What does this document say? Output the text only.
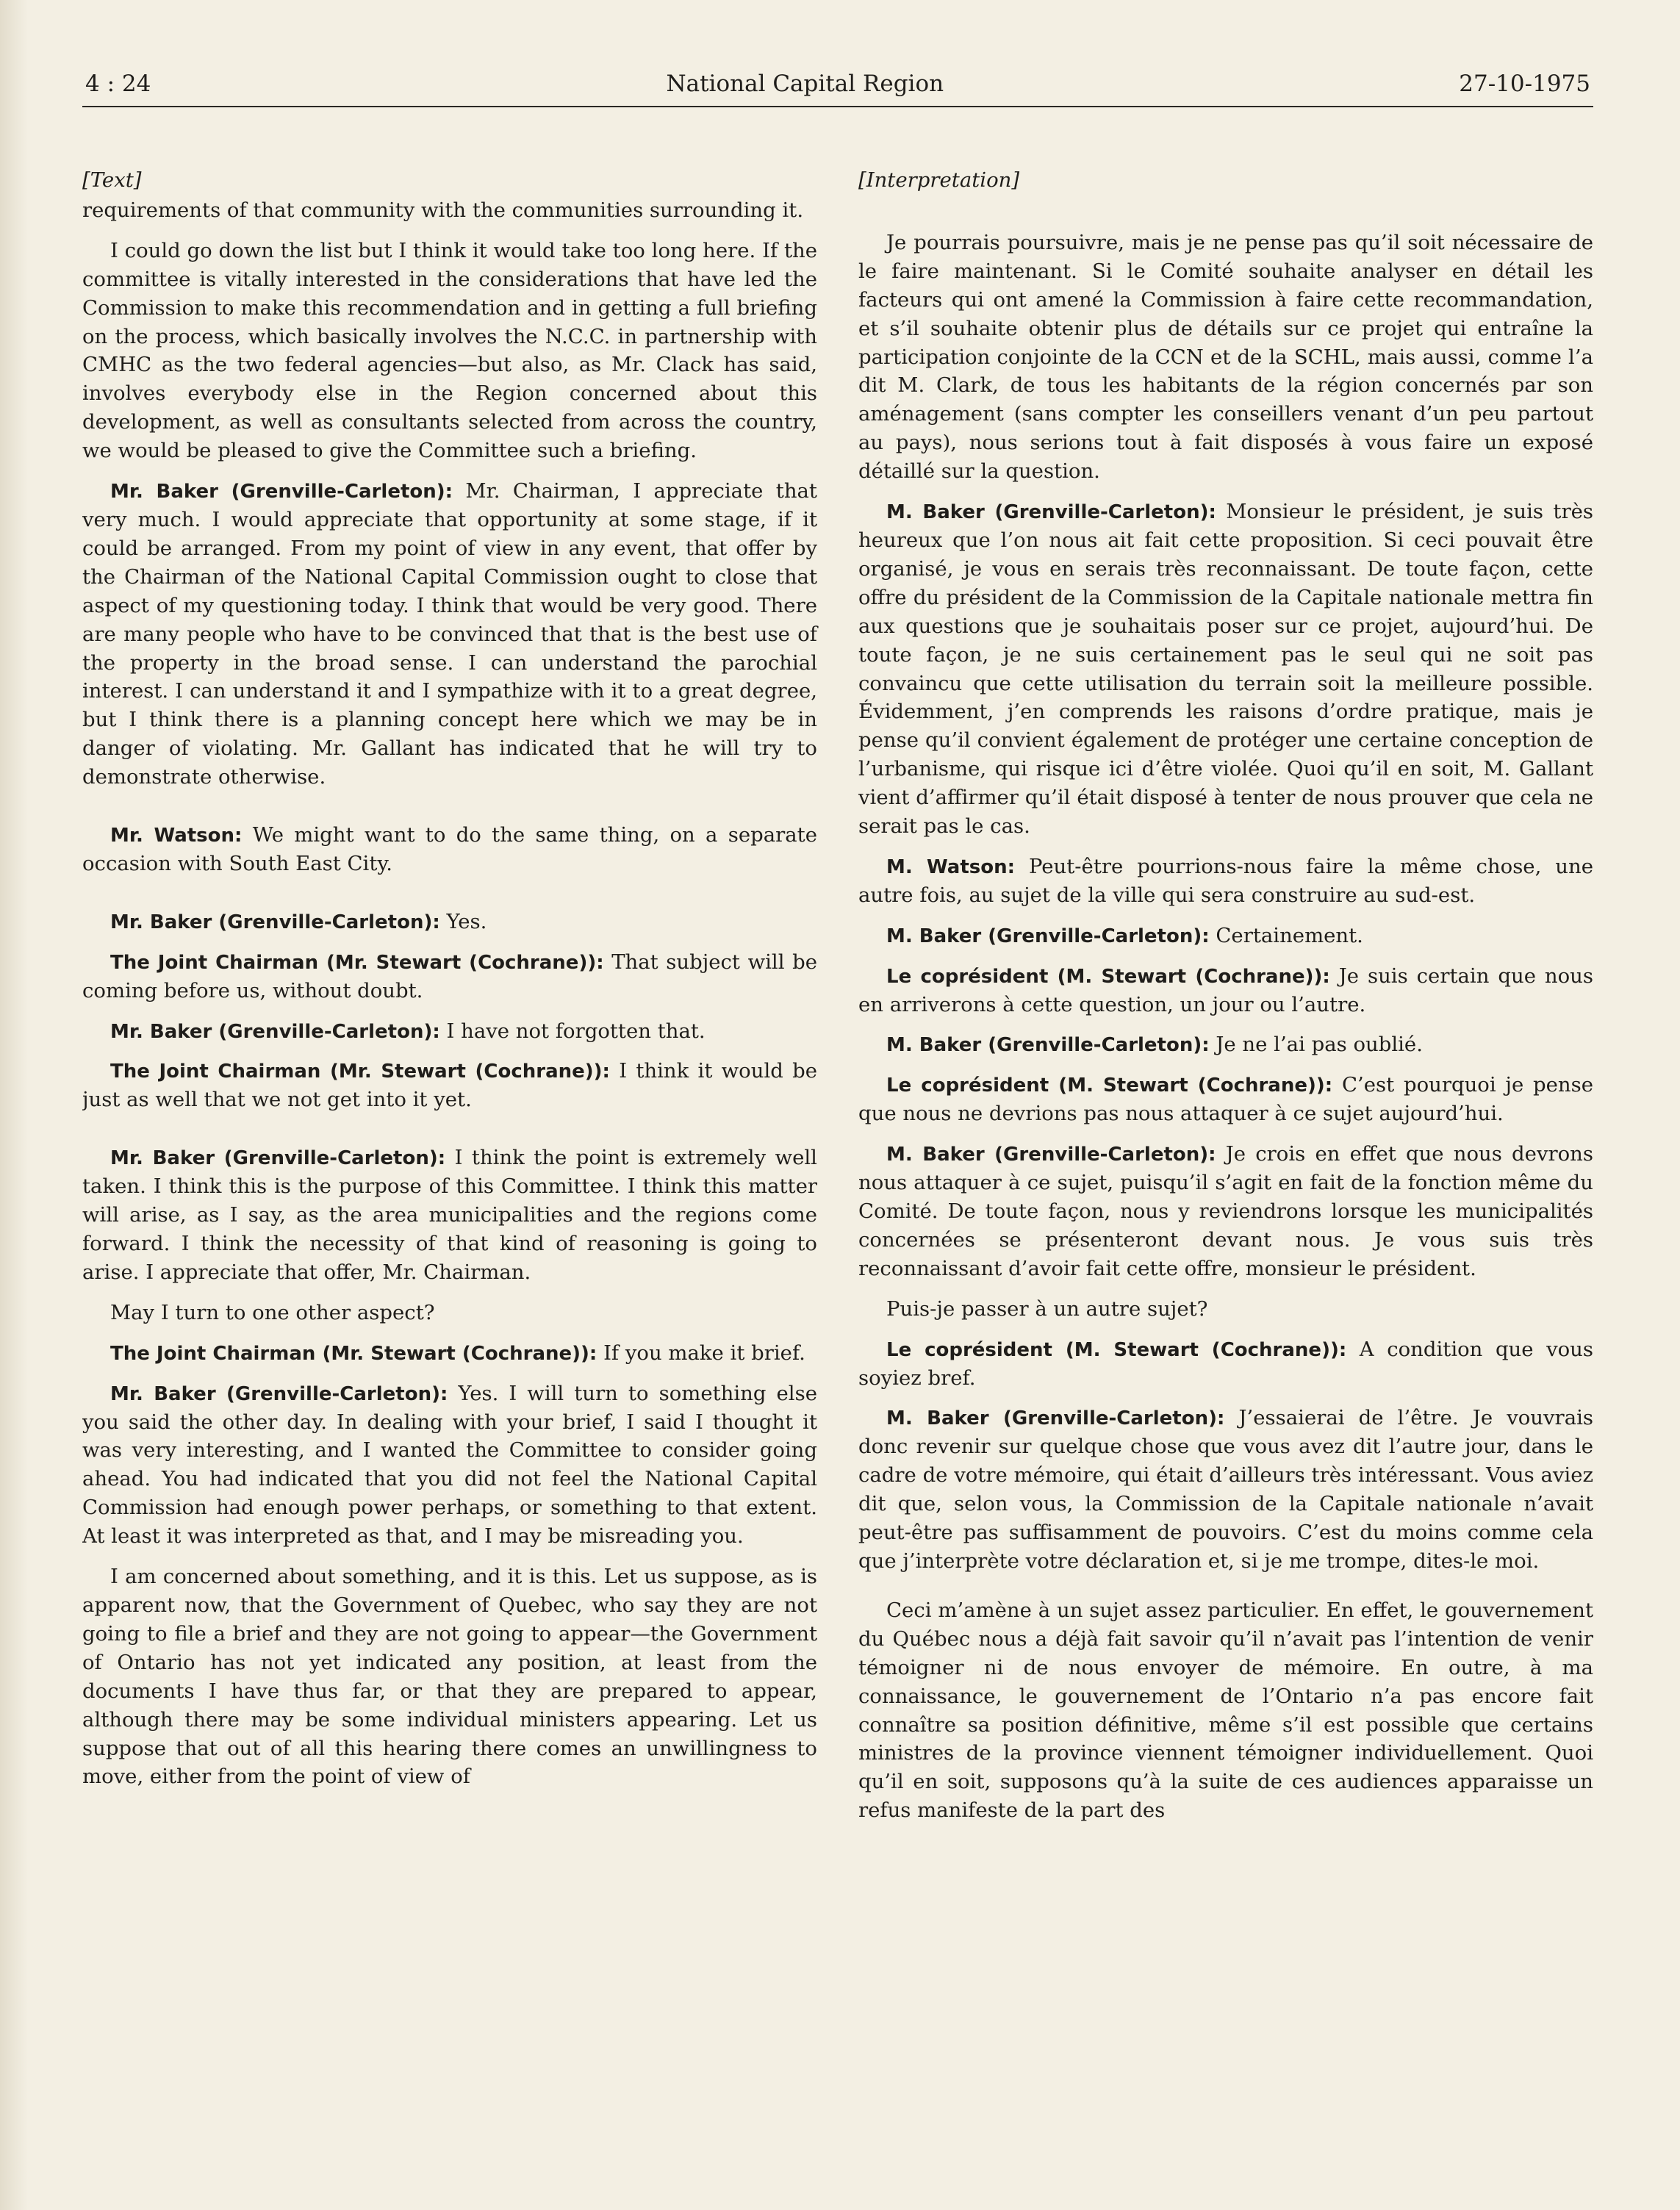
4 : 24	National Capital Region	27-10-1975
[Text]

requirements of that community with the communities surrounding it.

I could go down the list but I think it would take too long here. If the committee is vitally interested in the considerations that have led the Commission to make this recommendation and in getting a full briefing on the process, which basically involves the N.C.C. in partnership with CMHC as the two federal agencies—but also, as Mr. Clack has said, involves everybody else in the Region concerned about this development, as well as consultants selected from across the country, we would be pleased to give the Committee such a briefing.

Mr. Baker (Grenville-Carleton): Mr. Chairman, I appreciate that very much. I would appreciate that opportunity at some stage, if it could be arranged. From my point of view in any event, that offer by the Chairman of the National Capital Commission ought to close that aspect of my questioning today. I think that would be very good. There are many people who have to be convinced that that is the best use of the property in the broad sense. I can understand the parochial interest. I can understand it and I sympathize with it to a great degree, but I think there is a planning concept here which we may be in danger of violating. Mr. Gallant has indicated that he will try to demonstrate otherwise.

Mr. Watson: We might want to do the same thing, on a separate occasion with South East City.

Mr. Baker (Grenville-Carleton): Yes.

The Joint Chairman (Mr. Stewart (Cochrane)): That subject will be coming before us, without doubt.

Mr. Baker (Grenville-Carleton): I have not forgotten that.

The Joint Chairman (Mr. Stewart (Cochrane)): I think it would be just as well that we not get into it yet.

Mr. Baker (Grenville-Carleton): I think the point is extremely well taken. I think this is the purpose of this Committee. I think this matter will arise, as I say, as the area municipalities and the regions come forward. I think the necessity of that kind of reasoning is going to arise. I appreciate that offer, Mr. Chairman.

May I turn to one other aspect?

The Joint Chairman (Mr. Stewart (Cochrane)): If you make it brief.

Mr. Baker (Grenville-Carleton): Yes. I will turn to something else you said the other day. In dealing with your brief, I said I thought it was very interesting, and I wanted the Committee to consider going ahead. You had indicated that you did not feel the National Capital Commission had enough power perhaps, or something to that extent. At least it was interpreted as that, and I may be misreading you.

I am concerned about something, and it is this. Let us suppose, as is apparent now, that the Government of Quebec, who say they are not going to file a brief and they are not going to appear—the Government of Ontario has not yet indicated any position, at least from the documents I have thus far, or that they are prepared to appear, although there may be some individual ministers appearing. Let us suppose that out of all this hearing there comes an unwillingness to move, either from the point of view of

[Interpretation]

Je pourrais poursuivre, mais je ne pense pas qu’il soit nécessaire de le faire maintenant. Si le Comité souhaite analyser en détail les facteurs qui ont amené la Commission à faire cette recommandation, et s’il souhaite obtenir plus de détails sur ce projet qui entraîne la participation conjointe de la CCN et de la SCHL, mais aussi, comme l’a dit M. Clark, de tous les habitants de la région concernés par son aménagement (sans compter les conseillers venant d’un peu partout au pays), nous serions tout à fait disposés à vous faire un exposé détaillé sur la question.

M. Baker (Grenville-Carleton): Monsieur le président, je suis très heureux que l’on nous ait fait cette proposition. Si ceci pouvait être organisé, je vous en serais très reconnaissant. De toute façon, cette offre du président de la Commission de la Capitale nationale mettra fin aux questions que je souhaitais poser sur ce projet, aujourd’hui. De toute façon, je ne suis certainement pas le seul qui ne soit pas convaincu que cette utilisation du terrain soit la meilleure possible. Évidemment, j’en comprends les raisons d’ordre pratique, mais je pense qu’il convient également de protéger une certaine conception de l’urbanisme, qui risque ici d’être violée. Quoi qu’il en soit, M. Gallant vient d’affirmer qu’il était disposé à tenter de nous prouver que cela ne serait pas le cas.

M. Watson: Peut-être pourrions-nous faire la même chose, une autre fois, au sujet de la ville qui sera construire au sud-est.

M. Baker (Grenville-Carleton): Certainement.

Le coprésident (M. Stewart (Cochrane)): Je suis certain que nous en arriverons à cette question, un jour ou l’autre.

M. Baker (Grenville-Carleton): Je ne l’ai pas oublié.

Le coprésident (M. Stewart (Cochrane)): C’est pourquoi je pense que nous ne devrions pas nous attaquer à ce sujet aujourd’hui.

M. Baker (Grenville-Carleton): Je crois en effet que nous devrons nous attaquer à ce sujet, puisqu’il s’agit en fait de la fonction même du Comité. De toute façon, nous y reviendrons lorsque les municipalités concernées se présenteront devant nous. Je vous suis très reconnaissant d’avoir fait cette offre, monsieur le président.

Puis-je passer à un autre sujet?

Le coprésident (M. Stewart (Cochrane)): A condition que vous soyiez bref.

M. Baker (Grenville-Carleton): J’essaierai de l’être. Je vouvrais donc revenir sur quelque chose que vous avez dit l’autre jour, dans le cadre de votre mémoire, qui était d’ailleurs très intéressant. Vous aviez dit que, selon vous, la Commission de la Capitale nationale n’avait peut-être pas suffisamment de pouvoirs. C’est du moins comme cela que j’interprète votre déclaration et, si je me trompe, dites-le moi.

Ceci m’amène à un sujet assez particulier. En effet, le gouvernement du Québec nous a déjà fait savoir qu’il n’avait pas l’intention de venir témoigner ni de nous envoyer de mémoire. En outre, à ma connaissance, le gouvernement de l’Ontario n’a pas encore fait connaître sa position définitive, même s’il est possible que certains ministres de la province viennent témoigner individuellement. Quoi qu’il en soit, supposons qu’à la suite de ces audiences apparaisse un refus manifeste de la part des
